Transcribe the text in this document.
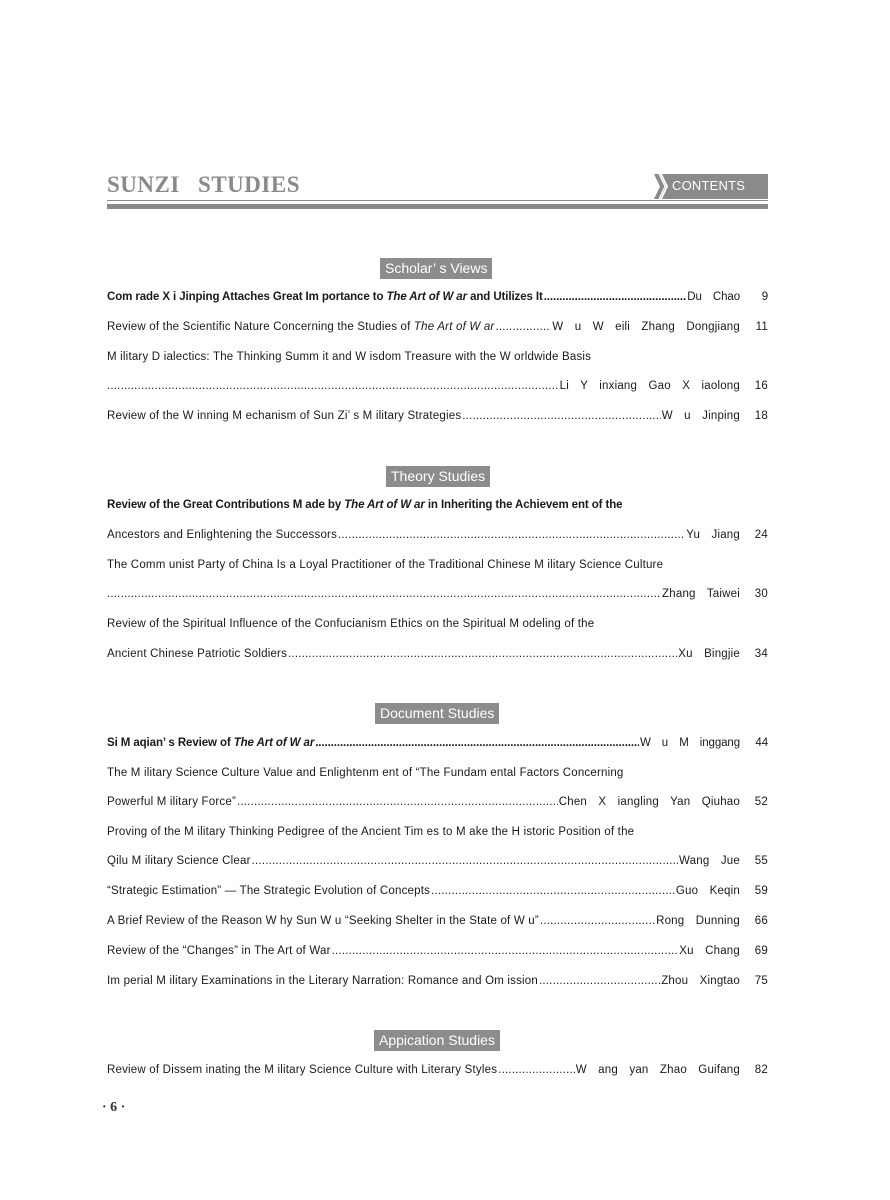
SUNZI STUDIES	CONTENTS
Scholar’ s Views
Com rade X i Jinping Attaches Great Im portance to The Art of W ar and Utilizes It .....	Du Chao	9
Review of the Scientific Nature Concerning the Studies of The Art of W ar .....	W u W eili Zhang Dongjiang	11
M ilitary D ialectics: The Thinking Summ it and W isdom Treasure with the W orldwide Basis
.....
Li Y inxiang Gao X iaolong	16
Review of the W inning M echanism of Sun Zi’ s M ilitary Strategies .....	W u Jinping	18
Theory Studies
Review of the Great Contributions M ade by The Art of W ar in Inheriting the Achievem ent of the
Ancestors and Enlightening the Successors .....	Yu Jiang	24
The Comm unist Party of China Is a Loyal Practitioner of the Traditional Chinese M ilitary Science Culture
.....
Zhang Taiwei	30
Review of the Spiritual Influence of the Confucianism Ethics on the Spiritual M odeling of the
Ancient Chinese Patriotic Soldiers .....	Xu Bingjie	34
Document Studies
Si M aqian’ s Review of The Art of W ar .....	W u M inggang	44
The M ilitary Science Culture Value and Enlightenm ent of “The Fundam ental Factors Concerning
Powerful M ilitary Force” .....	Chen X iangling Yan Qiuhao	52
Proving of the M ilitary Thinking Pedigree of the Ancient Tim es to M ake the H istoric Position of the
Qilu M ilitary Science Clear .....	Wang Jue	55
“Strategic Estimation” — The Strategic Evolution of Concepts .....	Guo Keqin	59
A Brief Review of the Reason W hy Sun W u “Seeking Shelter in the State of W u” .....	Rong Dunning	66
Review of the “Changes” in The Art of War .....	Xu Chang	69
Im perial M ilitary Examinations in the Literary Narration: Romance and Om ission .....	Zhou Xingtao	75
Appication Studies
Review of Dissem inating the M ilitary Science Culture with Literary Styles .....	W ang yan Zhao Guifang	82
· 6 ·
